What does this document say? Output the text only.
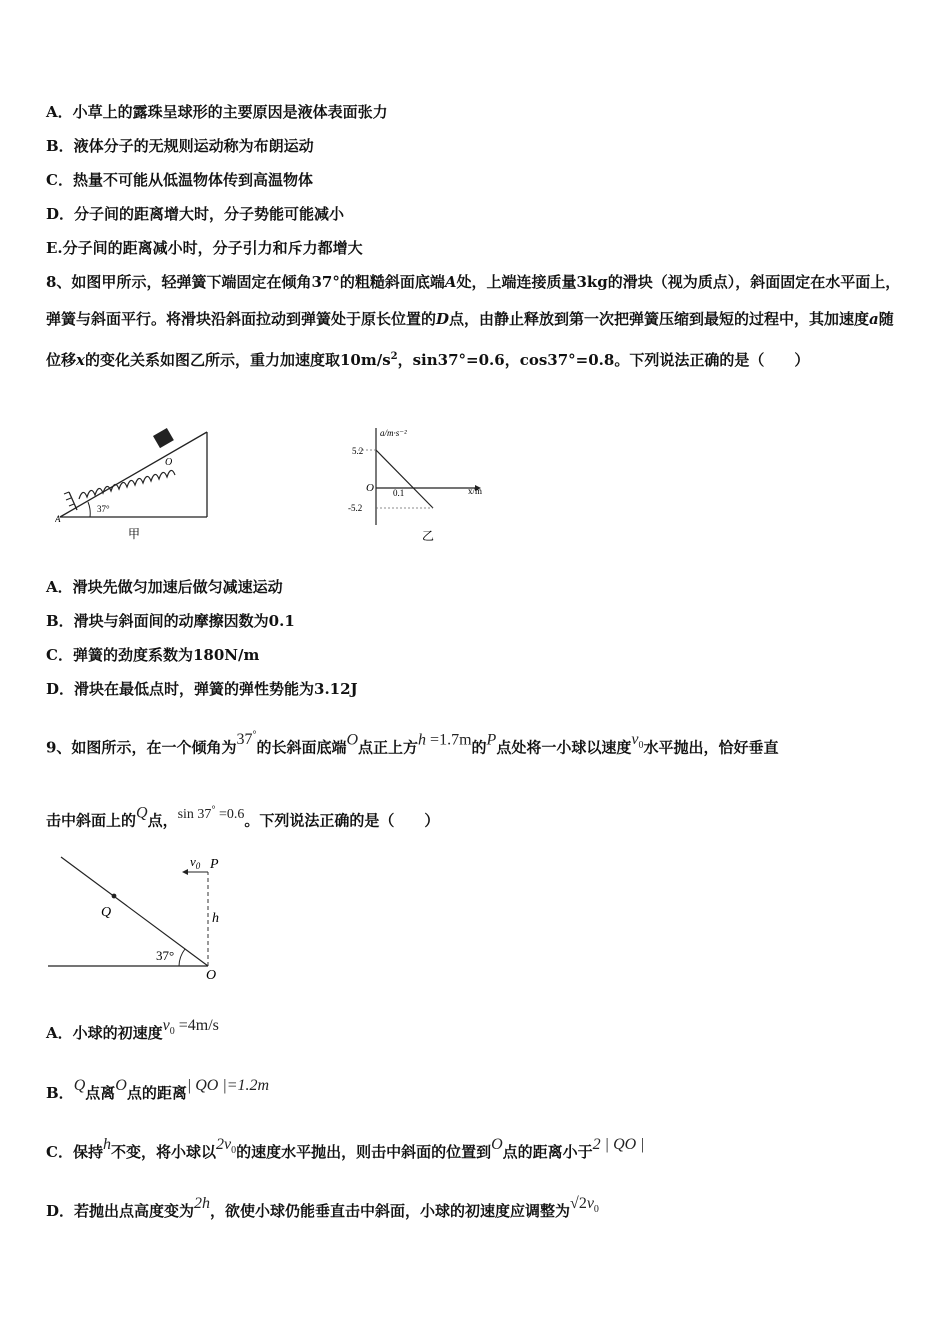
A．小草上的露珠呈球形的主要原因是液体表面张力
B．液体分子的无规则运动称为布朗运动
C．热量不可能从低温物体传到高温物体
D．分子间的距离增大时，分子势能可能减小
E.分子间的距离减小时，分子引力和斥力都增大
8、如图甲所示，轻弹簧下端固定在倾角37°的粗糙斜面底端A处，上端连接质量3kg的滑块（视为质点），斜面固定在水平面上，弹簧与斜面平行。将滑块沿斜面拉动到弹簧处于原长位置的D点，由静止释放到第一次把弹簧压缩到最短的过程中，其加速度a随位移x的变化关系如图乙所示，重力加速度取$10m/s^2$，sin37°=0.6，cos37°=0.8。下列说法正确的是（　　）
37°
A
O
甲
a/m·s⁻²
5.2
O 0.1	x/m
-5.2
乙
A．滑块先做匀加速后做匀减速运动
B．滑块与斜面间的动摩擦因数为0.1
C．弹簧的劲度系数为180N/m
D．滑块在最低点时，弹簧的弹性势能为3.12J
9、如图所示，在一个倾角为37°的长斜面底端O点正上方h =1.7m的P点处将一小球以速度$v_0$水平抛出，恰好垂直
击中斜面上的Q点，sin 37° =0.6。下列说法正确的是（　　）
$v_0$ P
Q	h
37°
O
A．小球的初速度$v_0 =4m/s$
B．Q点离O点的距离| QO |=1.2m
C．保持h不变，将小球以$2v_0$的速度水平抛出，则击中斜面的位置到O点的距离小于2 | QO |
D．若抛出点高度变为2h，欲使小球仍能垂直击中斜面，小球的初速度应调整为$√2v_0$
